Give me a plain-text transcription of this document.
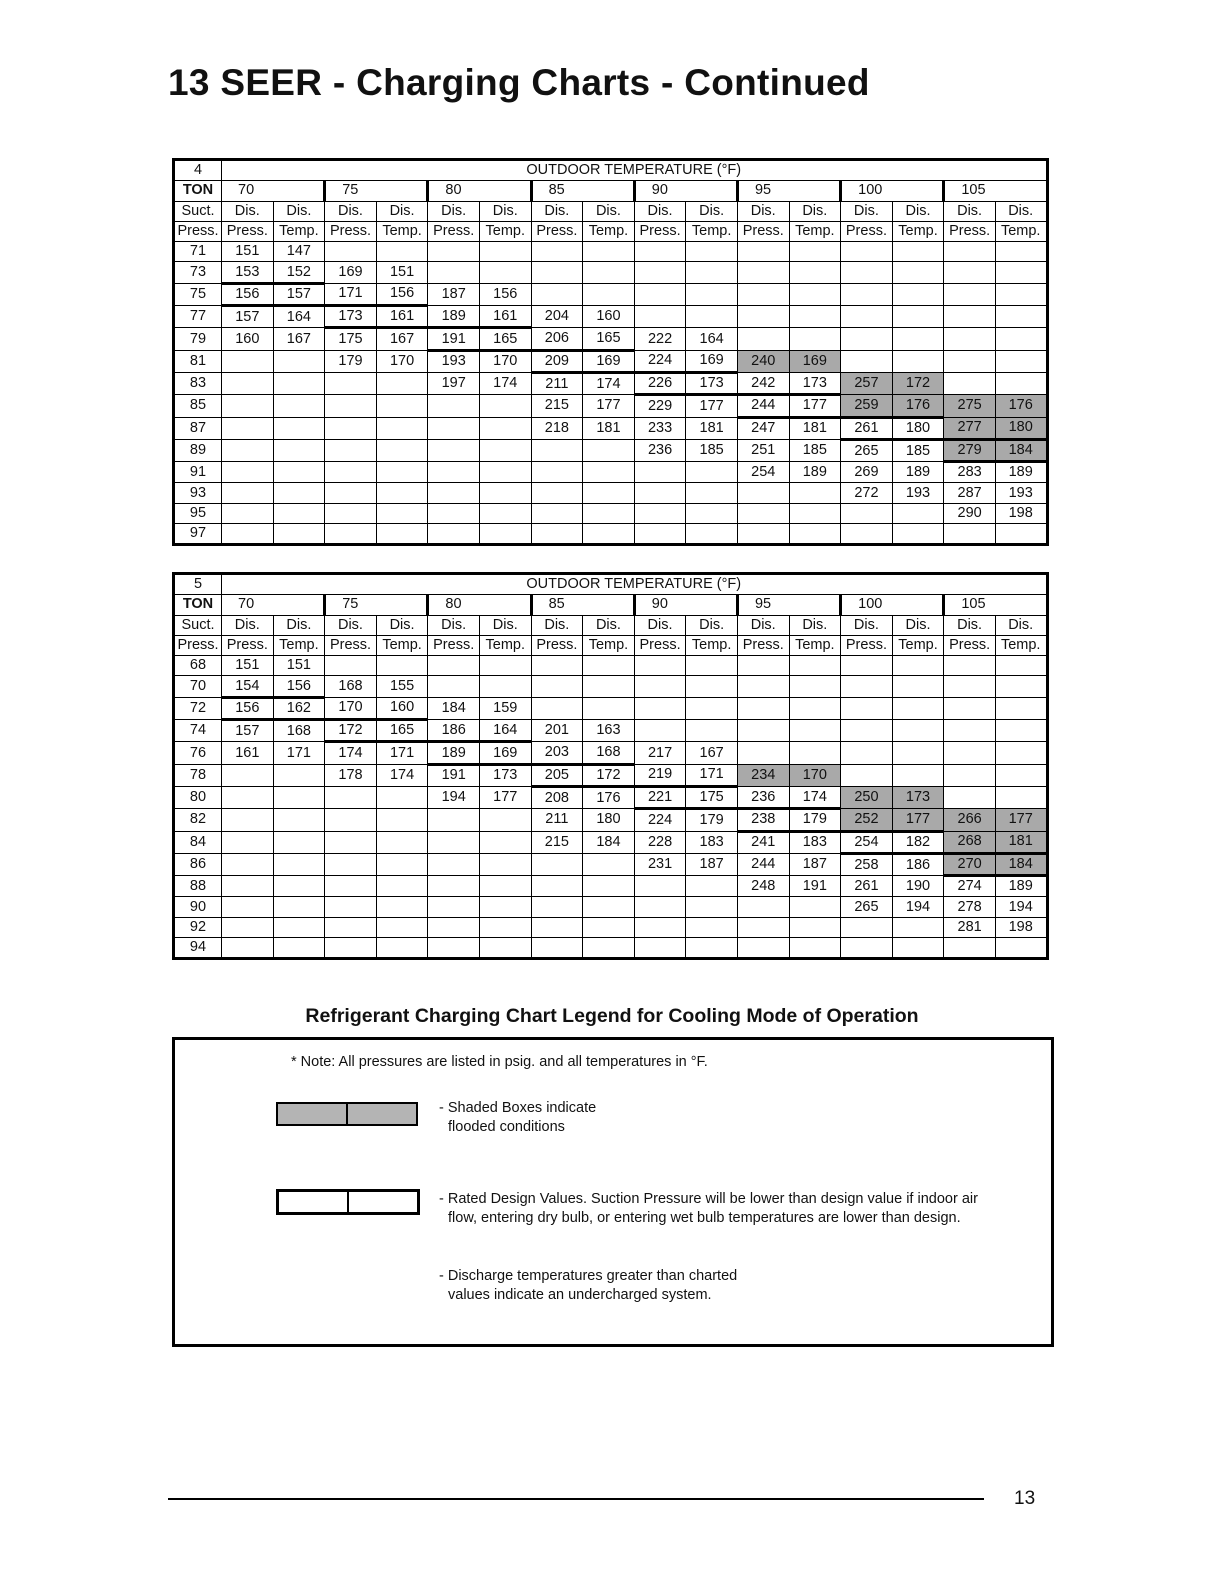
13 SEER - Charging Charts - Continued
4	OUTDOOR TEMPERATURE (°F)															
TON	70		75		80		85		90		95		100		105	
Suct.	Dis.	Dis.	Dis.	Dis.	Dis.	Dis.	Dis.	Dis.	Dis.	Dis.	Dis.	Dis.	Dis.	Dis.	Dis.	Dis.
Press.	Press.	Temp.	Press.	Temp.	Press.	Temp.	Press.	Temp.	Press.	Temp.	Press.	Temp.	Press.	Temp.	Press.	Temp.
71	151	147														
73	153	152	169	151												
75	156	157	171	156	187	156										
77	157	164	173	161	189	161	204	160								
79	160	167	175	167	191	165	206	165	222	164						
81			179	170	193	170	209	169	224	169	240	169				
83					197	174	211	174	226	173	242	173	257	172		
85							215	177	229	177	244	177	259	176	275	176
87							218	181	233	181	247	181	261	180	277	180
89									236	185	251	185	265	185	279	184
91											254	189	269	189	283	189
93													272	193	287	193
95															290	198
97																
5	OUTDOOR TEMPERATURE (°F)															
TON	70		75		80		85		90		95		100		105	
Suct.	Dis.	Dis.	Dis.	Dis.	Dis.	Dis.	Dis.	Dis.	Dis.	Dis.	Dis.	Dis.	Dis.	Dis.	Dis.	Dis.
Press.	Press.	Temp.	Press.	Temp.	Press.	Temp.	Press.	Temp.	Press.	Temp.	Press.	Temp.	Press.	Temp.	Press.	Temp.
68	151	151														
70	154	156	168	155												
72	156	162	170	160	184	159										
74	157	168	172	165	186	164	201	163								
76	161	171	174	171	189	169	203	168	217	167						
78			178	174	191	173	205	172	219	171	234	170				
80					194	177	208	176	221	175	236	174	250	173		
82							211	180	224	179	238	179	252	177	266	177
84							215	184	228	183	241	183	254	182	268	181
86									231	187	244	187	258	186	270	184
88											248	191	261	190	274	189
90													265	194	278	194
92															281	198
94																
Refrigerant Charging Chart Legend for Cooling Mode of Operation
* Note: All pressures are listed in psig. and all temperatures in °F.
- Shaded Boxes indicate
flooded conditions
- Rated Design Values. Suction Pressure will be lower than design value if indoor air
flow, entering dry bulb, or entering wet bulb temperatures are lower than design.
- Discharge temperatures greater than charted
values indicate an undercharged system.
13
